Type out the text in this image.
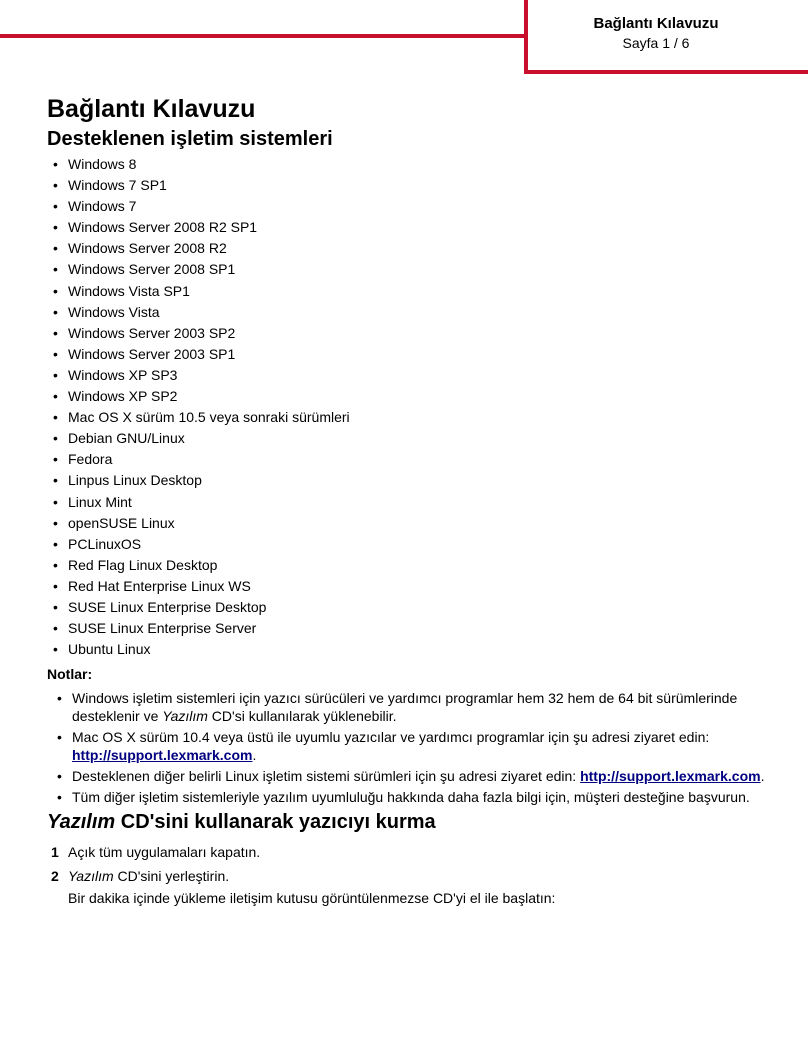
Bağlantı Kılavuzu
Sayfa 1 / 6
Bağlantı Kılavuzu
Desteklenen işletim sistemleri
• Windows 8
• Windows 7 SP1
• Windows 7
• Windows Server 2008 R2 SP1
• Windows Server 2008 R2
• Windows Server 2008 SP1
• Windows Vista SP1
• Windows Vista
• Windows Server 2003 SP2
• Windows Server 2003 SP1
• Windows XP SP3
• Windows XP SP2
• Mac OS X sürüm 10.5 veya sonraki sürümleri
• Debian GNU/Linux
• Fedora
• Linpus Linux Desktop
• Linux Mint
• openSUSE Linux
• PCLinuxOS
• Red Flag Linux Desktop
• Red Hat Enterprise Linux WS
• SUSE Linux Enterprise Desktop
• SUSE Linux Enterprise Server
• Ubuntu Linux
Notlar:
• Windows işletim sistemleri için yazıcı sürücüleri ve yardımcı programlar hem 32 hem de 64 bit sürümlerinde desteklenir ve Yazılım CD'si kullanılarak yüklenebilir.
• Mac OS X sürüm 10.4 veya üstü ile uyumlu yazıcılar ve yardımcı programlar için şu adresi ziyaret edin: http://support.lexmark.com.
• Desteklenen diğer belirli Linux işletim sistemi sürümleri için şu adresi ziyaret edin: http://support.lexmark.com.
• Tüm diğer işletim sistemleriyle yazılım uyumluluğu hakkında daha fazla bilgi için, müşteri desteğine başvurun.
Yazılım CD'sini kullanarak yazıcıyı kurma
1 Açık tüm uygulamaları kapatın.
2 Yazılım CD'sini yerleştirin.
Bir dakika içinde yükleme iletişim kutusu görüntülenmezse CD'yi el ile başlatın:
